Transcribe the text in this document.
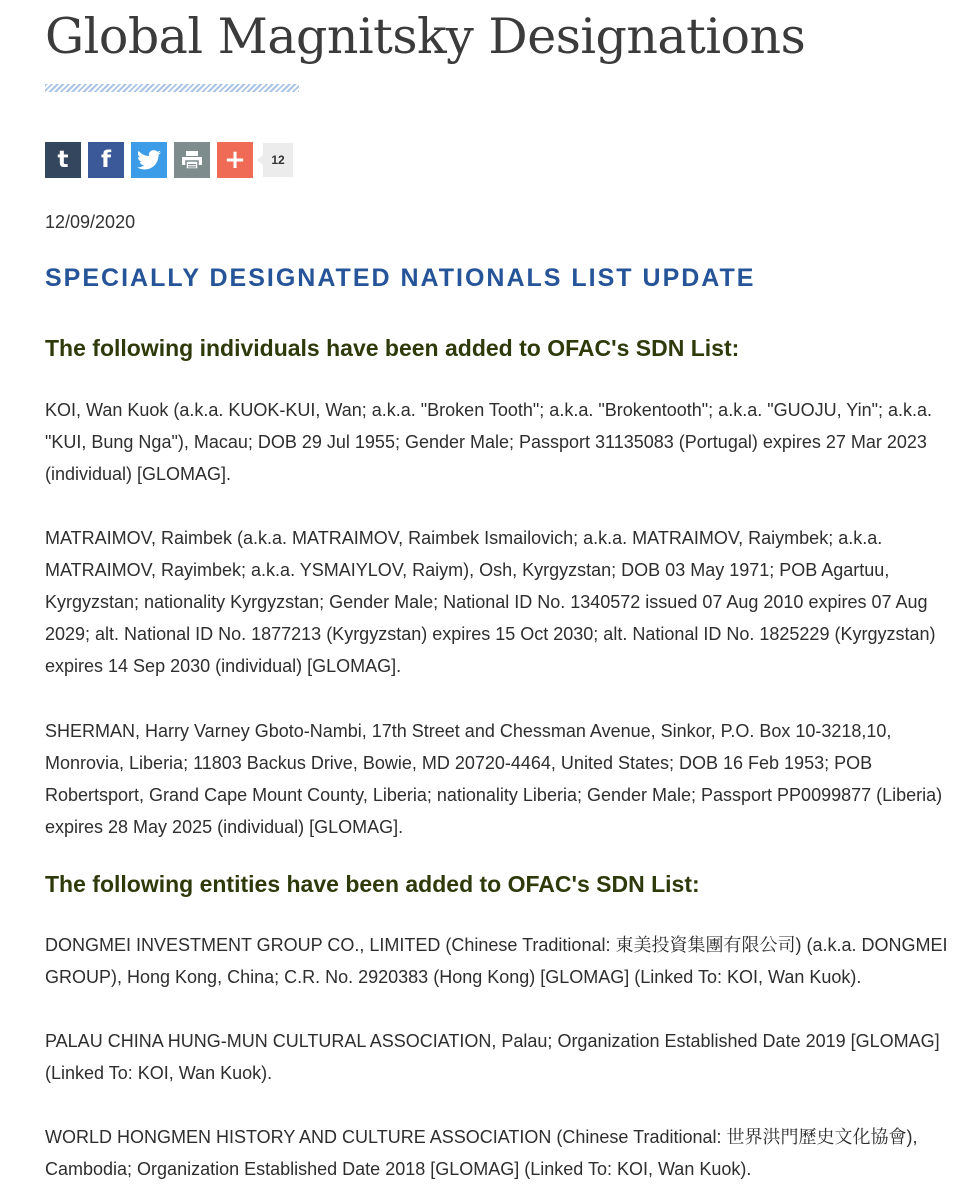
Global Magnitsky Designations
t f	+	12
12/09/2020
SPECIALLY DESIGNATED NATIONALS LIST UPDATE
The following individuals have been added to OFAC's SDN List:

KOI, Wan Kuok (a.k.a. KUOK-KUI, Wan; a.k.a. "Broken Tooth"; a.k.a. "Brokentooth"; a.k.a. "GUOJU, Yin"; a.k.a. "KUI, Bung Nga"), Macau; DOB 29 Jul 1955; Gender Male; Passport 31135083 (Portugal) expires 27 Mar 2023 (individual) [GLOMAG].

MATRAIMOV, Raimbek (a.k.a. MATRAIMOV, Raimbek Ismailovich; a.k.a. MATRAIMOV, Raiymbek; a.k.a. MATRAIMOV, Rayimbek; a.k.a. YSMAIYLOV, Raiym), Osh, Kyrgyzstan; DOB 03 May 1971; POB Agartuu, Kyrgyzstan; nationality Kyrgyzstan; Gender Male; National ID No. 1340572 issued 07 Aug 2010 expires 07 Aug 2029; alt. National ID No. 1877213 (Kyrgyzstan) expires 15 Oct 2030; alt. National ID No. 1825229 (Kyrgyzstan) expires 14 Sep 2030 (individual) [GLOMAG].

SHERMAN, Harry Varney Gboto-Nambi, 17th Street and Chessman Avenue, Sinkor, P.O. Box 10-3218,10, Monrovia, Liberia; 11803 Backus Drive, Bowie, MD 20720-4464, United States; DOB 16 Feb 1953; POB Robertsport, Grand Cape Mount County, Liberia; nationality Liberia; Gender Male; Passport PP0099877 (Liberia) expires 28 May 2025 (individual) [GLOMAG].

The following entities have been added to OFAC's SDN List:

DONGMEI INVESTMENT GROUP CO., LIMITED (Chinese Traditional: 東美投資集團有限公司) (a.k.a. DONGMEI GROUP), Hong Kong, China; C.R. No. 2920383 (Hong Kong) [GLOMAG] (Linked To: KOI, Wan Kuok).

PALAU CHINA HUNG-MUN CULTURAL ASSOCIATION, Palau; Organization Established Date 2019 [GLOMAG] (Linked To: KOI, Wan Kuok).

WORLD HONGMEN HISTORY AND CULTURE ASSOCIATION (Chinese Traditional: 世界洪門歷史文化協會), Cambodia; Organization Established Date 2018 [GLOMAG] (Linked To: KOI, Wan Kuok).
